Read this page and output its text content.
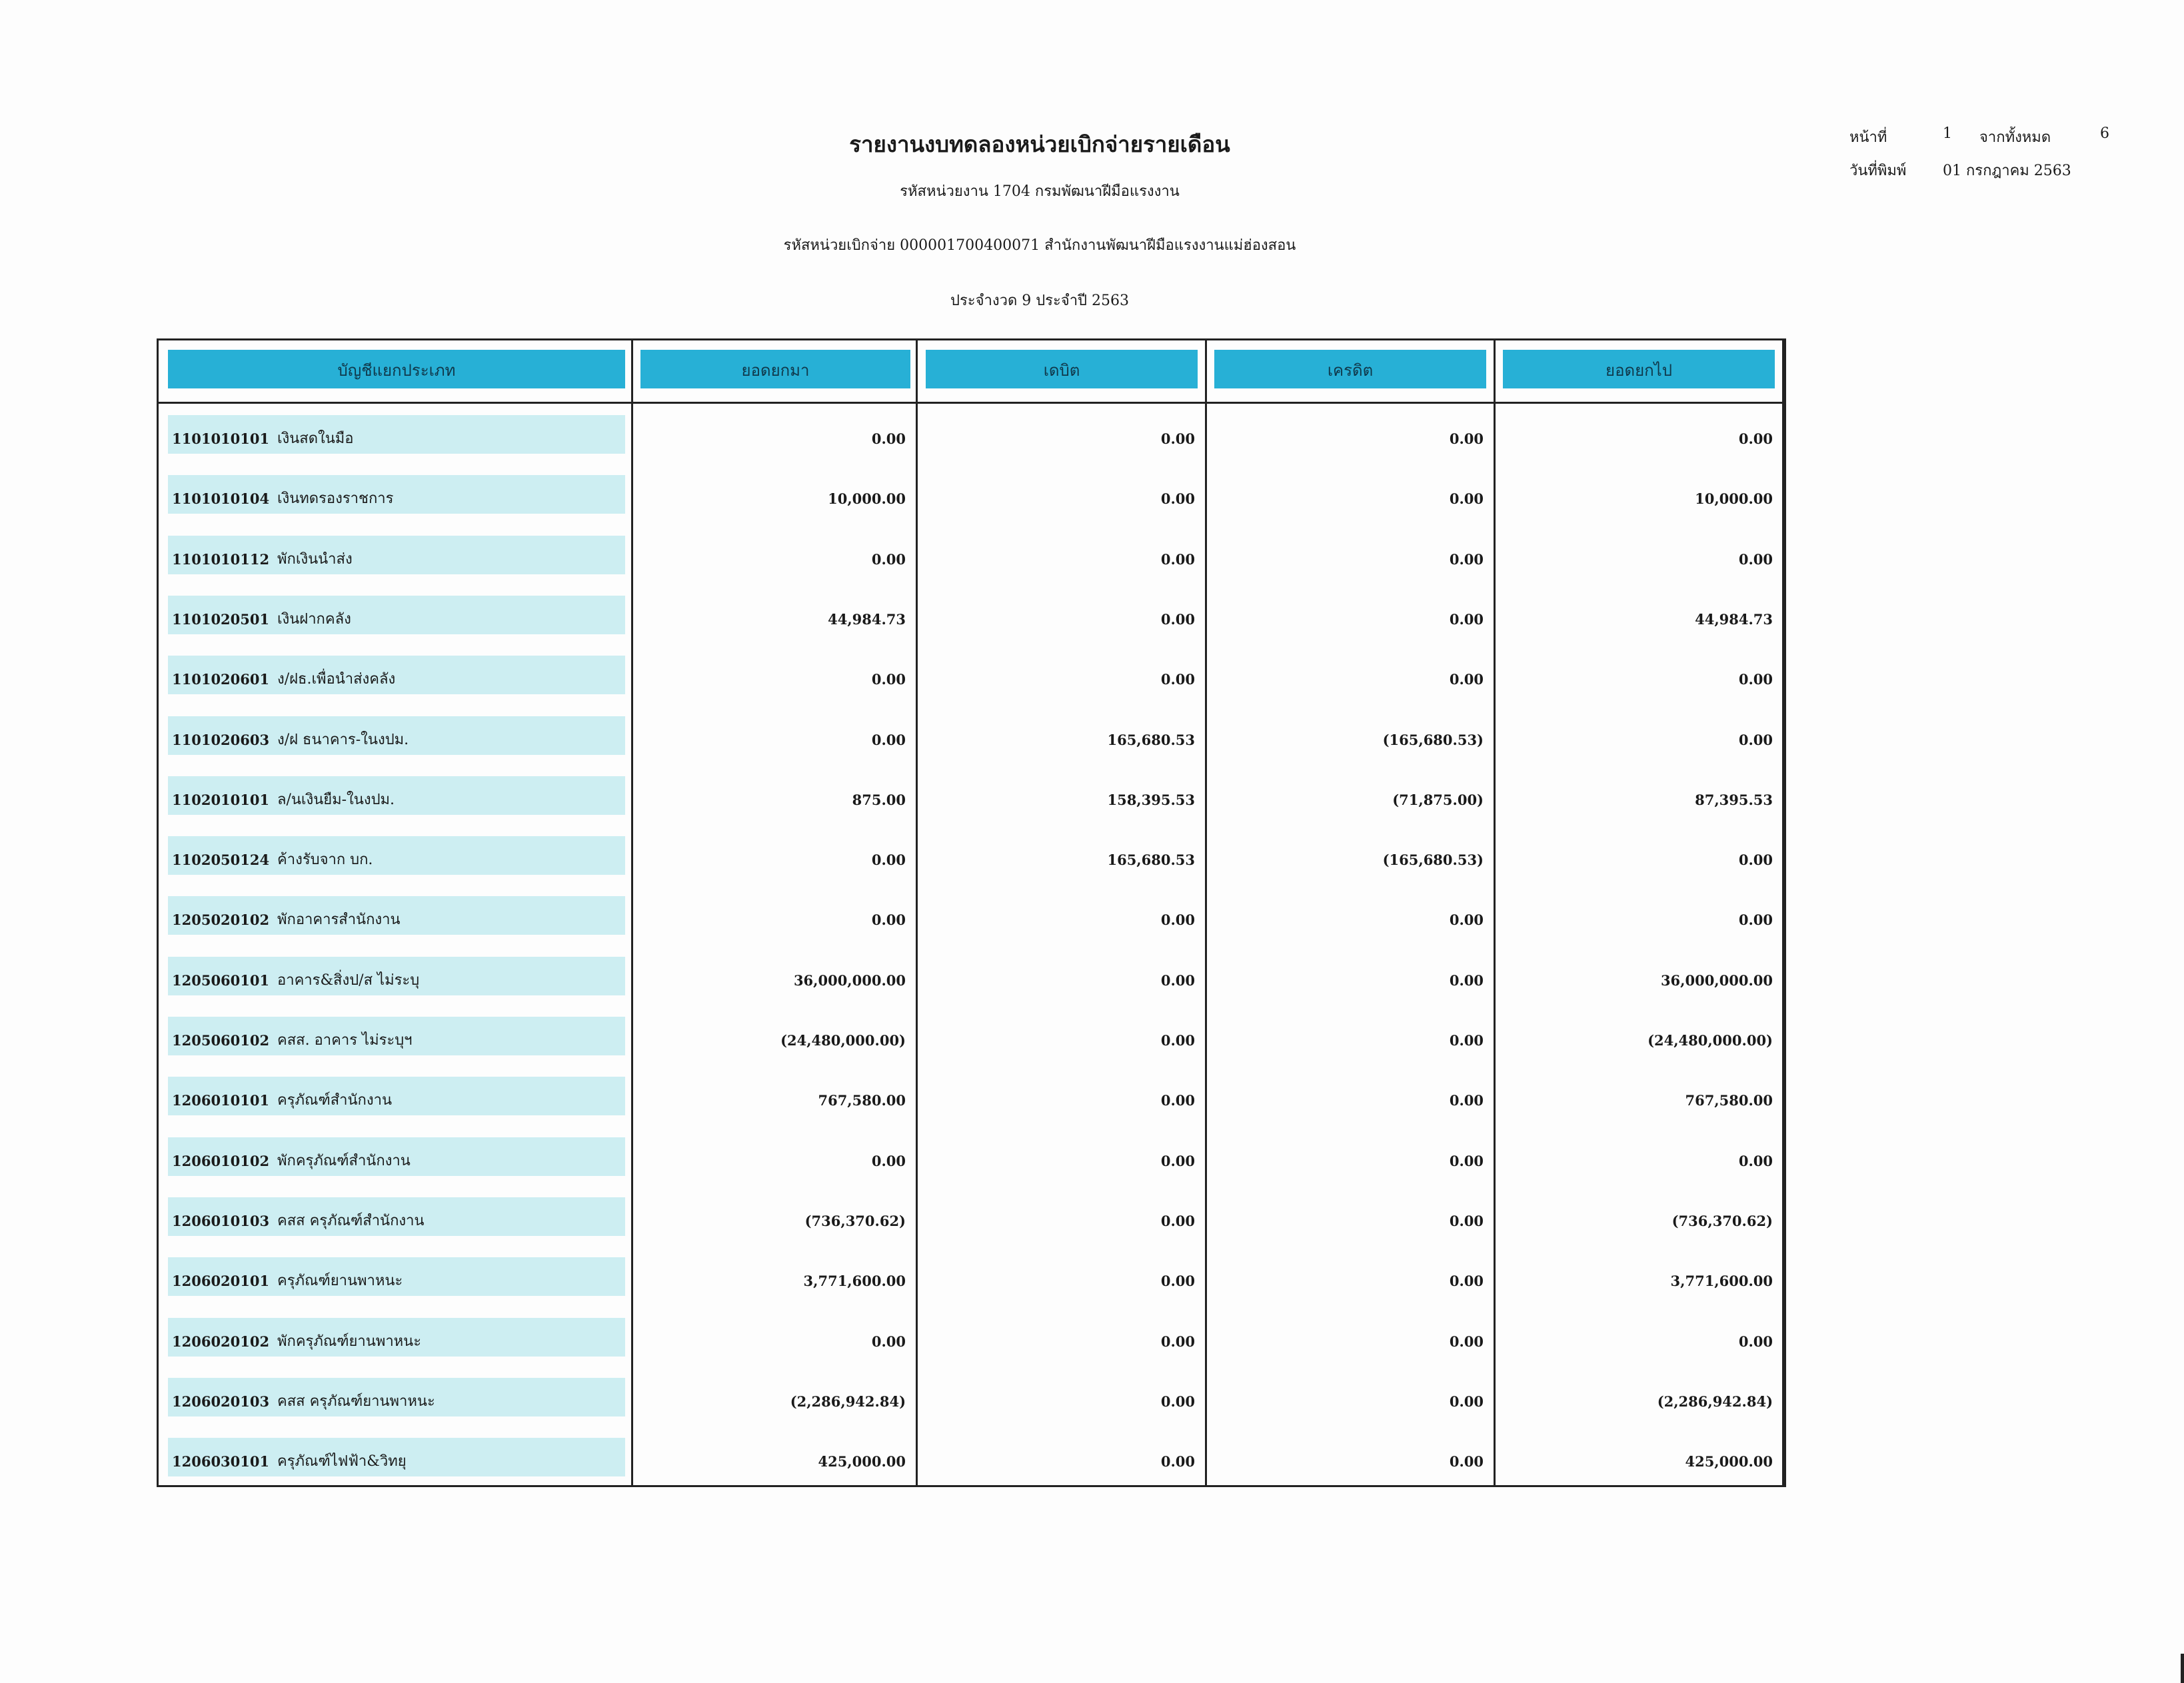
รายงานงบทดลองหน่วยเบิกจ่ายรายเดือน
รหัสหน่วยงาน 1704 กรมพัฒนาฝีมือแรงงาน
รหัสหน่วยเบิกจ่าย 000001700400071 สำนักงานพัฒนาฝีมือแรงงานแม่ฮ่องสอน
ประจำงวด 9 ประจำปี 2563
หน้าที่	1	จากทั้งหมด	6
วันที่พิมพ์	01 กรกฎาคม 2563
บัญชีแยกประเภท	ยอดยกมา	เดบิต	เครดิต	ยอดยกไป
1101010101 เงินสดในมือ	0.00	0.00	0.00	0.00
1101010104 เงินทดรองราชการ	10,000.00	0.00	0.00	10,000.00
1101010112 พักเงินนำส่ง	0.00	0.00	0.00	0.00
1101020501 เงินฝากคลัง	44,984.73	0.00	0.00	44,984.73
1101020601 ง/ฝธ.เพื่อนำส่งคลัง	0.00	0.00	0.00	0.00
1101020603 ง/ฝ ธนาคาร-ในงปม.	0.00	165,680.53	(165,680.53)	0.00
1102010101 ล/นเงินยืม-ในงปม.	875.00	158,395.53	(71,875.00)	87,395.53
1102050124 ค้างรับจาก บก.	0.00	165,680.53	(165,680.53)	0.00
1205020102 พักอาคารสำนักงาน	0.00	0.00	0.00	0.00
1205060101 อาคาร&สิ่งป/ส ไม่ระบุ	36,000,000.00	0.00	0.00	36,000,000.00
1205060102 คสส. อาคาร ไม่ระบุฯ	(24,480,000.00)	0.00	0.00	(24,480,000.00)
1206010101 ครุภัณฑ์สำนักงาน	767,580.00	0.00	0.00	767,580.00
1206010102 พักครุภัณฑ์สำนักงาน	0.00	0.00	0.00	0.00
1206010103 คสส ครุภัณฑ์สำนักงาน	(736,370.62)	0.00	0.00	(736,370.62)
1206020101 ครุภัณฑ์ยานพาหนะ	3,771,600.00	0.00	0.00	3,771,600.00
1206020102 พักครุภัณฑ์ยานพาหนะ	0.00	0.00	0.00	0.00
1206020103 คสส ครุภัณฑ์ยานพาหนะ	(2,286,942.84)	0.00	0.00	(2,286,942.84)
1206030101 ครุภัณฑ์ไฟฟ้า&วิทยุ	425,000.00	0.00	0.00	425,000.00
